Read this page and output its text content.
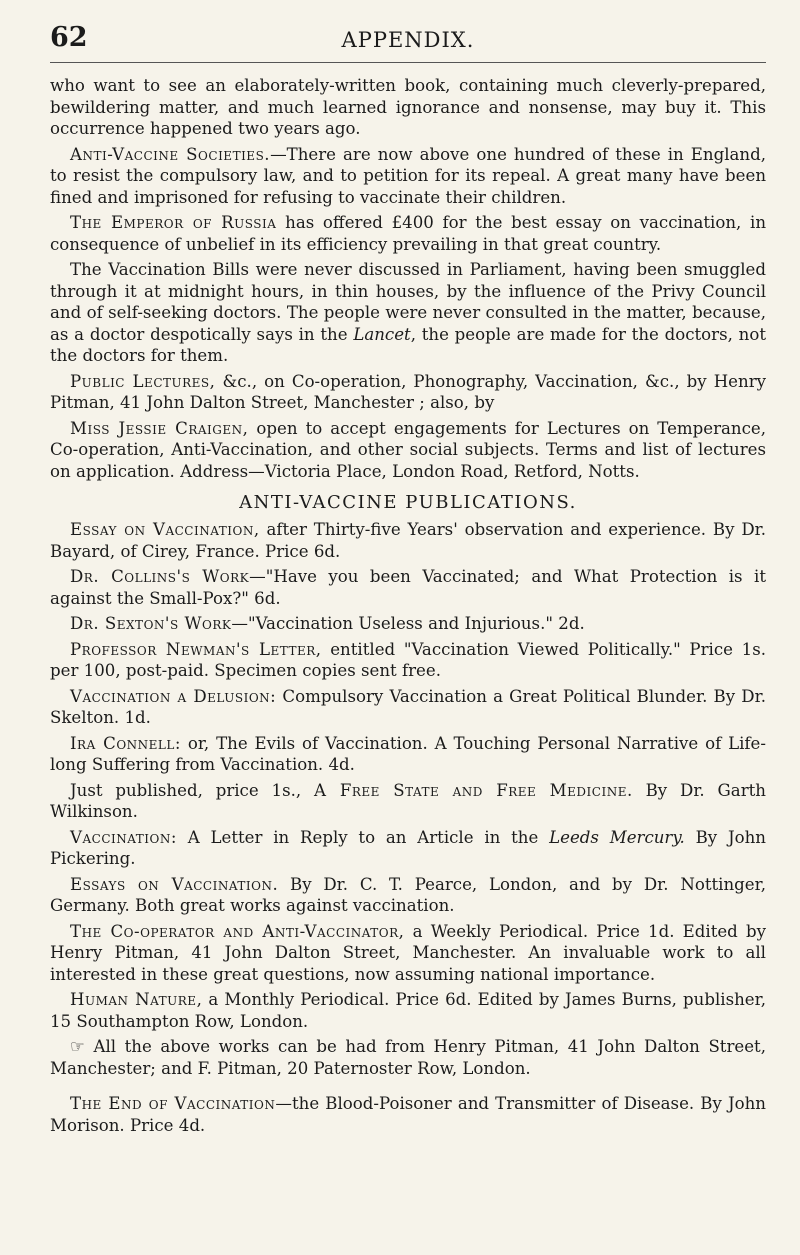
62	APPENDIX.

who want to see an elaborately-written book, containing much cleverly-prepared, bewildering matter, and much learned ignorance and nonsense, may buy it. This occurrence happened two years ago.

Anti-Vaccine Societies.—There are now above one hundred of these in England, to resist the compulsory law, and to petition for its repeal. A great many have been fined and imprisoned for refusing to vaccinate their children.

The Emperor of Russia has offered £400 for the best essay on vaccination, in consequence of unbelief in its efficiency prevailing in that great country.

The Vaccination Bills were never discussed in Parliament, having been smuggled through it at midnight hours, in thin houses, by the influence of the Privy Council and of self-seeking doctors. The people were never consulted in the matter, because, as a doctor despotically says in the Lancet, the people are made for the doctors, not the doctors for them.

Public Lectures, &c., on Co-operation, Phonography, Vaccination, &c., by Henry Pitman, 41 John Dalton Street, Manchester ; also, by

Miss Jessie Craigen, open to accept engagements for Lectures on Temperance, Co-operation, Anti-Vaccination, and other social subjects. Terms and list of lectures on application. Address—Victoria Place, London Road, Retford, Notts.

ANTI-VACCINE PUBLICATIONS.

Essay on Vaccination, after Thirty-five Years' observation and experience. By Dr. Bayard, of Cirey, France. Price 6d.

Dr. Collins's Work—"Have you been Vaccinated; and What Protection is it against the Small-Pox?" 6d.

Dr. Sexton's Work—"Vaccination Useless and Injurious." 2d.

Professor Newman's Letter, entitled "Vaccination Viewed Politically." Price 1s. per 100, post-paid. Specimen copies sent free.

Vaccination a Delusion: Compulsory Vaccination a Great Political Blunder. By Dr. Skelton. 1d.

Ira Connell: or, The Evils of Vaccination. A Touching Personal Narrative of Life-long Suffering from Vaccination. 4d.

Just published, price 1s., A Free State and Free Medicine. By Dr. Garth Wilkinson.

Vaccination: A Letter in Reply to an Article in the Leeds Mercury. By John Pickering.

Essays on Vaccination. By Dr. C. T. Pearce, London, and by Dr. Nottinger, Germany. Both great works against vaccination.

The Co-operator and Anti-Vaccinator, a Weekly Periodical. Price 1d. Edited by Henry Pitman, 41 John Dalton Street, Manchester. An invaluable work to all interested in these great questions, now assuming national importance.

Human Nature, a Monthly Periodical. Price 6d. Edited by James Burns, publisher, 15 Southampton Row, London.

☞ All the above works can be had from Henry Pitman, 41 John Dalton Street, Manchester; and F. Pitman, 20 Paternoster Row, London.

The End of Vaccination—the Blood-Poisoner and Transmitter of Disease. By John Morison. Price 4d.
